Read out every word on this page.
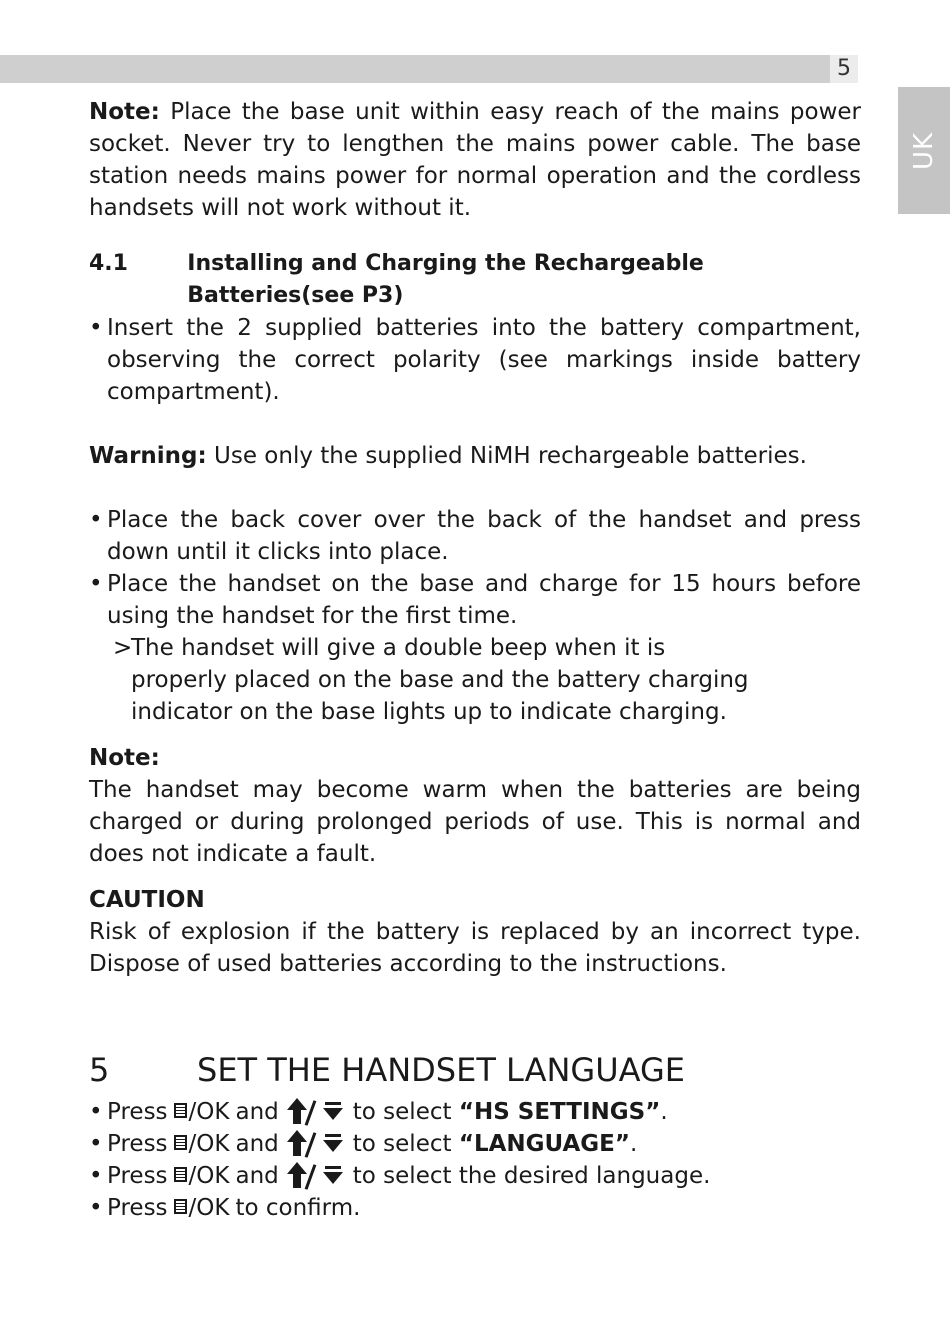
5
UK

Note: Place the base unit within easy reach of the mains power socket. Never try to lengthen the mains power cable. The base station needs mains power for normal operation and the cordless handsets will not work without it.

4.1	Installing and Charging the Rechargeable Batteries(see P3)
• Insert the 2 supplied batteries into the battery compartment, observing the correct polarity (see markings inside battery compartment).

Warning: Use only the supplied NiMH rechargeable batteries.

• Place the back cover over the back of the handset and press down until it clicks into place.
• Place the handset on the base and charge for 15 hours before using the handset for the first time.
>
The handset will give a double beep when it is properly placed on the base and the battery charging indicator on the base lights up to indicate charging.

Note:

The handset may become warm when the batteries are being charged or during prolonged periods of use. This is normal and does not indicate a fault.

CAUTION

Risk of explosion if the battery is replaced by an incorrect type. Dispose of used batteries according to the instructions.

5	SET THE HANDSET LANGUAGE
• Press /OK and	to select “HS SETTINGS” .
• Press /OK and	to select “LANGUAGE” .
• Press /OK and	to select the desired language.
• Press /OK to confirm.
